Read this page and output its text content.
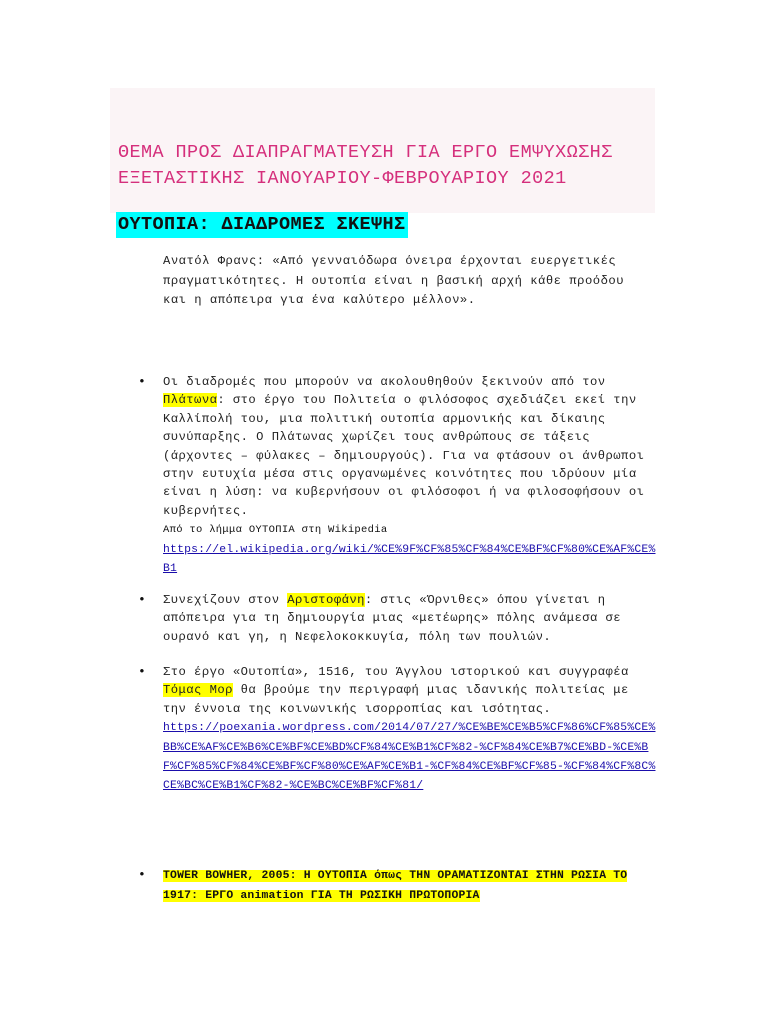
ΘΕΜΑ ΠΡΟΣ ΔΙΑΠΡΑΓΜΑΤΕΥΣΗ ΓΙΑ ΕΡΓΟ ΕΜΨΥΧΩΣΗΣ
ΕΞΕΤΑΣΤΙΚΗΣ ΙΑΝΟΥΑΡΙΟΥ-ΦΕΒΡΟΥΑΡΙΟΥ 2021
ΟΥΤΟΠΙΑ: ΔΙΑΔΡΟΜΕΣ ΣΚΕΨΗΣ

Ανατόλ Φρανς: «Από γενναιόδωρα όνειρα έρχονται ευεργετικές πραγματικότητες. Η ουτοπία είναι η βασική αρχή κάθε προόδου και η απόπειρα για ένα καλύτερο μέλλον».

• Οι διαδρομές που μπορούν να ακολουθηθούν ξεκινούν από τον Πλάτωνα: στο έργο του Πολιτεία ο φιλόσοφος σχεδιάζει εκεί την Καλλίπολή του, μια πολιτική ουτοπία αρμονικής και δίκαιης συνύπαρξης. Ο Πλάτωνας χωρίζει τους ανθρώπους σε τάξεις (άρχοντες – φύλακες – δημιουργούς). Για να φτάσουν οι άνθρωποι στην ευτυχία μέσα στις οργανωμένες κοινότητες που ιδρύουν μία είναι η λύση: να κυβερνήσουν οι φιλόσοφοι ή να φιλοσοφήσουν οι κυβερνήτες.
Από το λήμμα ΟΥΤΟΠΙΑ στη Wikipedia
https://el.wikipedia.org/wiki/%CE%9F%CF%85%CF%84%CE%BF%CF%80%CE%AF%CE%B1

• Συνεχίζουν στον Αριστοφάνη: στις «Όρνιθες» όπου γίνεται η απόπειρα για τη δημιουργία μιας «μετέωρης» πόλης ανάμεσα σε ουρανό και γη, η Νεφελοκοκκυγία, πόλη των πουλιών.

• Στο έργο «Ουτοπία», 1516, του Άγγλου ιστορικού και συγγραφέα Τόμας Μορ θα βρούμε την περιγραφή μιας ιδανικής πολιτείας με την έννοια της κοινωνικής ισορροπίας και ισότητας.
https://poexania.wordpress.com/2014/07/27/%CE%BE%CE%B5%CF%86%CF%85%CE%BB%CE%AF%CE%B6%CE%BF%CE%BD%CF%84%CE%B1%CF%82-%CF%84%CE%B7%CE%BD-%CE%BF%CF%85%CF%84%CE%BF%CF%80%CE%AF%CE%B1-%CF%84%CE%BF%CF%85-%CF%84%CF%8C%CE%BC%CE%B1%CF%82-%CE%BC%CE%BF%CF%81/

• TOWER BOWHER, 2005: Η ΟΥΤΟΠΙΑ όπως ΤΗΝ ΟΡΑΜΑΤΙΖΟΝΤΑΙ ΣΤΗΝ ΡΩΣΙΑ ΤΟ 1917: ΕΡΓΟ animation ΓΙΑ ΤΗ ΡΩΣΙΚΗ ΠΡΩΤΟΠΟΡΙΑ
